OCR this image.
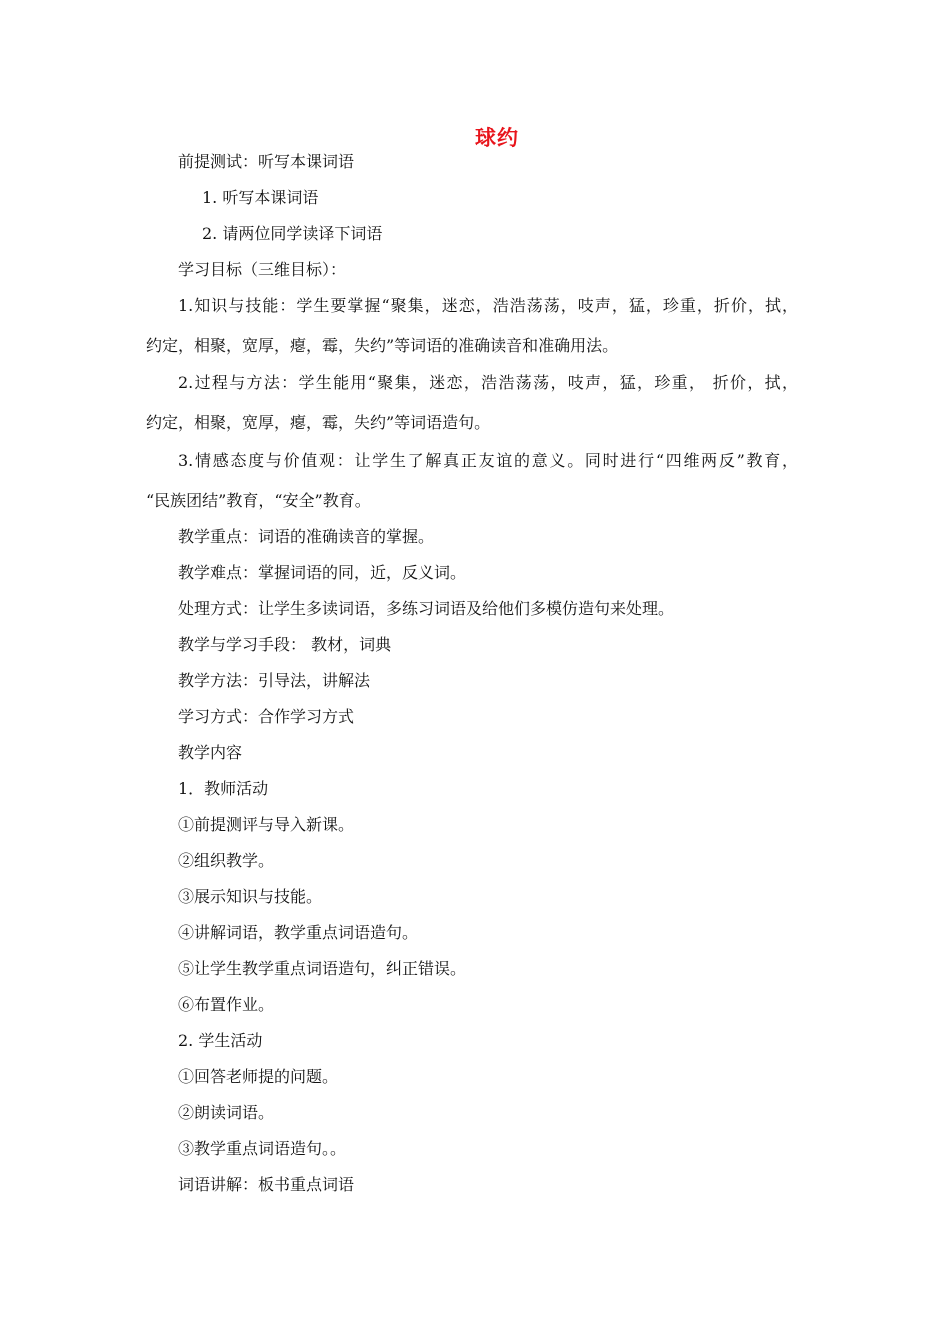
球约
前提测试：听写本课词语
1. 听写本课词语
2. 请两位同学读译下词语
学习目标（三维目标）：
1.知识与技能：学生要掌握“聚集，迷恋，浩浩荡荡，吱声，猛，珍重，折价，拭，
约定，相聚，宽厚，瘪，霉，失约”等词语的准确读音和准确用法。
2.过程与方法：学生能用“聚集，迷恋，浩浩荡荡，吱声，猛，珍重， 折价，拭，
约定，相聚，宽厚，瘪，霉，失约”等词语造句。
3.情感态度与价值观：让学生了解真正友谊的意义。同时进行“四维两反”教育，
“民族团结”教育，“安全”教育。
教学重点：词语的准确读音的掌握。
教学难点：掌握词语的同，近，反义词。
处理方式：让学生多读词语，多练习词语及给他们多模仿造句来处理。
教学与学习手段： 教材，词典
教学方法：引导法，讲解法
学习方式：合作学习方式
教学内容
1．教师活动
①前提测评与导入新课。
②组织教学。
③展示知识与技能。
④讲解词语，教学重点词语造句。
⑤让学生教学重点词语造句，纠正错误。
⑥布置作业。
2. 学生活动
①回答老师提的问题。
②朗读词语。
③教学重点词语造句。。
词语讲解：板书重点词语
